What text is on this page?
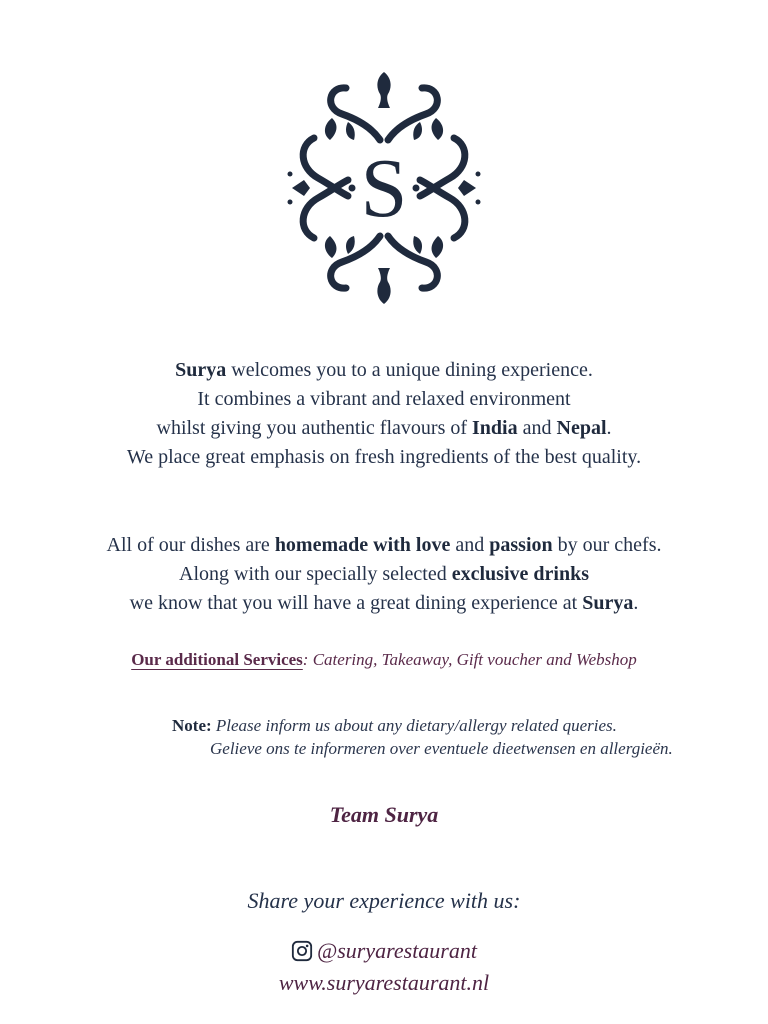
S
Surya welcomes you to a unique dining experience.
It combines a vibrant and relaxed environment
whilst giving you authentic flavours of India and Nepal.
We place great emphasis on fresh ingredients of the best quality.
All of our dishes are homemade with love and passion by our chefs.
Along with our specially selected exclusive drinks
we know that you will have a great dining experience at Surya.
Our additional Services: Catering, Takeaway, Gift voucher and Webshop
Note: Please inform us about any dietary/allergy related queries.
Gelieve ons te informeren over eventuele dieetwensen en allergieën.
Team Surya
Share your experience with us:
@suryarestaurant
www.suryarestaurant.nl
